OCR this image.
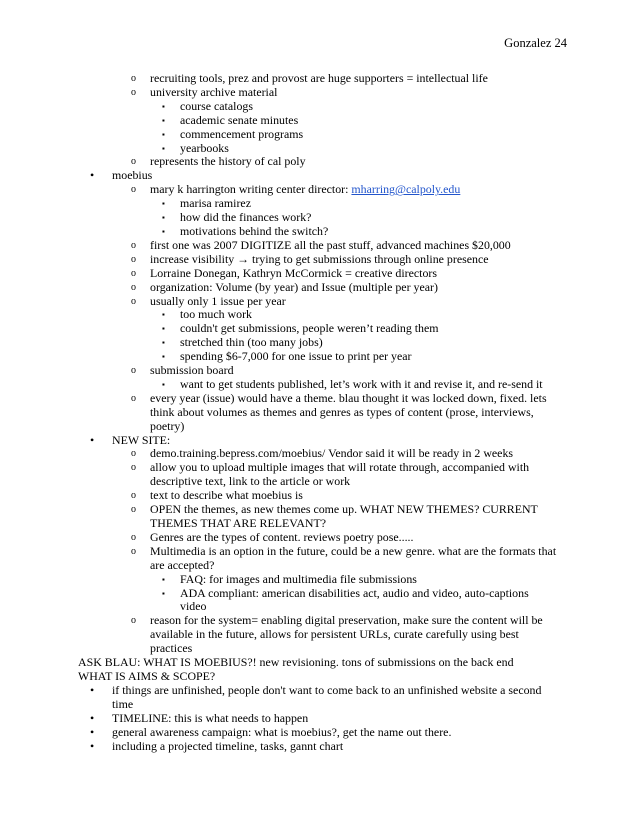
Gonzalez 24
o recruiting tools, prez and provost are huge supporters = intellectual life
o university archive material
▪ course catalogs
▪ academic senate minutes
▪ commencement programs
▪ yearbooks
o represents the history of cal poly
• moebius
o mary k harrington writing center director: mharring@calpoly.edu
▪ marisa ramirez
▪ how did the finances work?
▪ motivations behind the switch?
o first one was 2007 DIGITIZE all the past stuff, advanced machines $20,000
o increase visibility → trying to get submissions through online presence
o Lorraine Donegan, Kathryn McCormick = creative directors
o organization: Volume (by year) and Issue (multiple per year)
o usually only 1 issue per year
▪ too much work
▪ couldn't get submissions, people weren’t reading them
▪ stretched thin (too many jobs)
▪ spending $6-7,000 for one issue to print per year
o submission board
▪ want to get students published, let’s work with it and revise it, and re-send it
o every year (issue) would have a theme. blau thought it was locked down, fixed. lets
think about volumes as themes and genres as types of content (prose, interviews,
poetry)
• NEW SITE:
o demo.training.bepress.com/moebius/ Vendor said it will be ready in 2 weeks
o allow you to upload multiple images that will rotate through, accompanied with
descriptive text, link to the article or work
o text to describe what moebius is
o OPEN the themes, as new themes come up. WHAT NEW THEMES? CURRENT
THEMES THAT ARE RELEVANT?
o Genres are the types of content. reviews poetry pose.....
o Multimedia is an option in the future, could be a new genre. what are the formats that
are accepted?
▪ FAQ: for images and multimedia file submissions
▪ ADA compliant: american disabilities act, audio and video, auto-captions
video
o reason for the system= enabling digital preservation, make sure the content will be
available in the future, allows for persistent URLs, curate carefully using best
practices
ASK BLAU: WHAT IS MOEBIUS?! new revisioning. tons of submissions on the back end
WHAT IS AIMS & SCOPE?
• if things are unfinished, people don't want to come back to an unfinished website a second
time
• TIMELINE: this is what needs to happen
• general awareness campaign: what is moebius?, get the name out there.
• including a projected timeline, tasks, gannt chart
